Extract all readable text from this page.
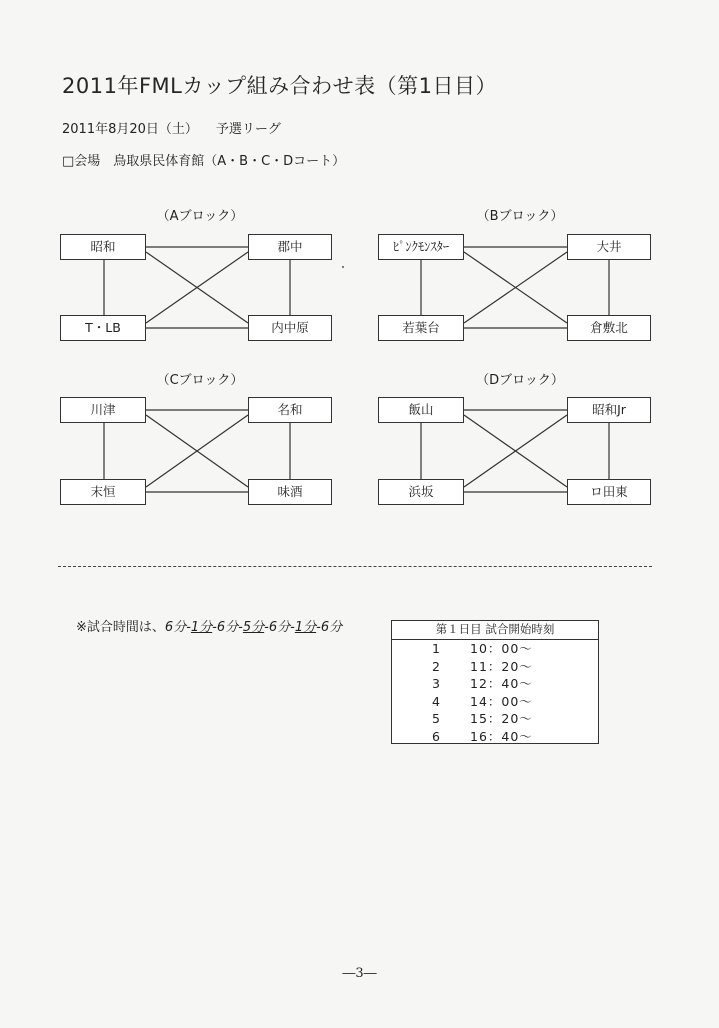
2011年FMLカップ組み合わせ表（第1日目）
2011年8月20日（土） 予選リーグ
□会場　鳥取県民体育館（A・B・C・Dコート）
（Aブロック）
昭和	郡中
T・LB	内中原
（Bブロック）
ﾋﾟﾝｸﾓﾝｽﾀｰ	大井
若葉台	倉敷北
（Cブロック）
川津	名和
末恒	味酒
（Dブロック）
飯山	昭和Jr
浜坂	ロ田東
※試合時間は、6分-1分-6分-5分-6分-1分-6分	第１日目 試合開始時刻
1 10：00～
2 11：20～
3 12：40～
4 14：00～
5 15：20～
6 16：40～
―3―
